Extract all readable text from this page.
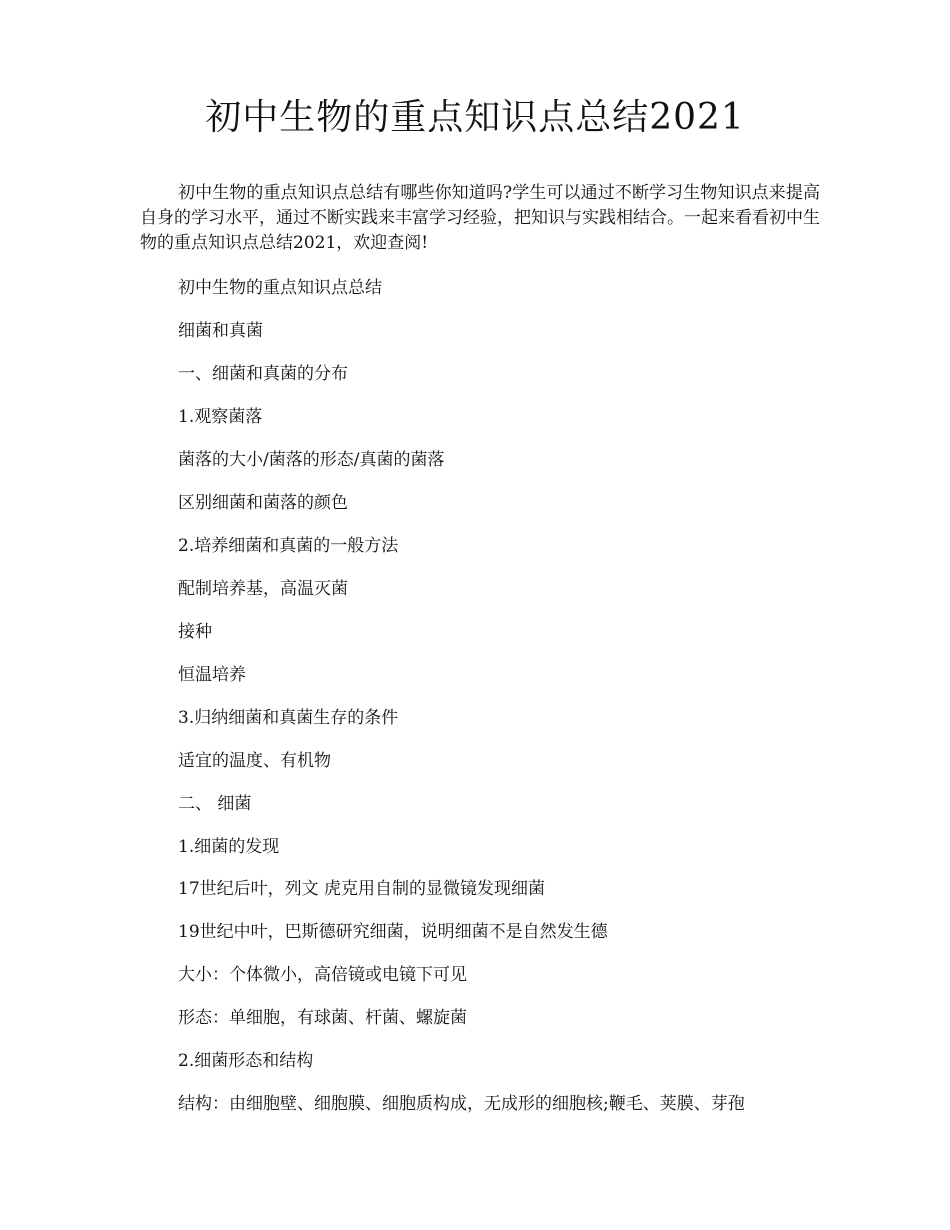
初中生物的重点知识点总结2021

初中生物的重点知识点总结有哪些你知道吗?学生可以通过不断学习生物知识点来提高自身的学习水平，通过不断实践来丰富学习经验，把知识与实践相结合。一起来看看初中生物的重点知识点总结2021，欢迎查阅!

初中生物的重点知识点总结
细菌和真菌
一、细菌和真菌的分布
1.观察菌落
菌落的大小/菌落的形态/真菌的菌落
区别细菌和菌落的颜色
2.培养细菌和真菌的一般方法
配制培养基，高温灭菌
接种
恒温培养
3.归纳细菌和真菌生存的条件
适宜的温度、有机物
二、 细菌
1.细菌的发现
17世纪后叶，列文 虎克用自制的显微镜发现细菌
19世纪中叶，巴斯德研究细菌，说明细菌不是自然发生德
大小：个体微小，高倍镜或电镜下可见
形态：单细胞，有球菌、杆菌、螺旋菌
2.细菌形态和结构
结构：由细胞壁、细胞膜、细胞质构成，无成形的细胞核;鞭毛、荚膜、芽孢
